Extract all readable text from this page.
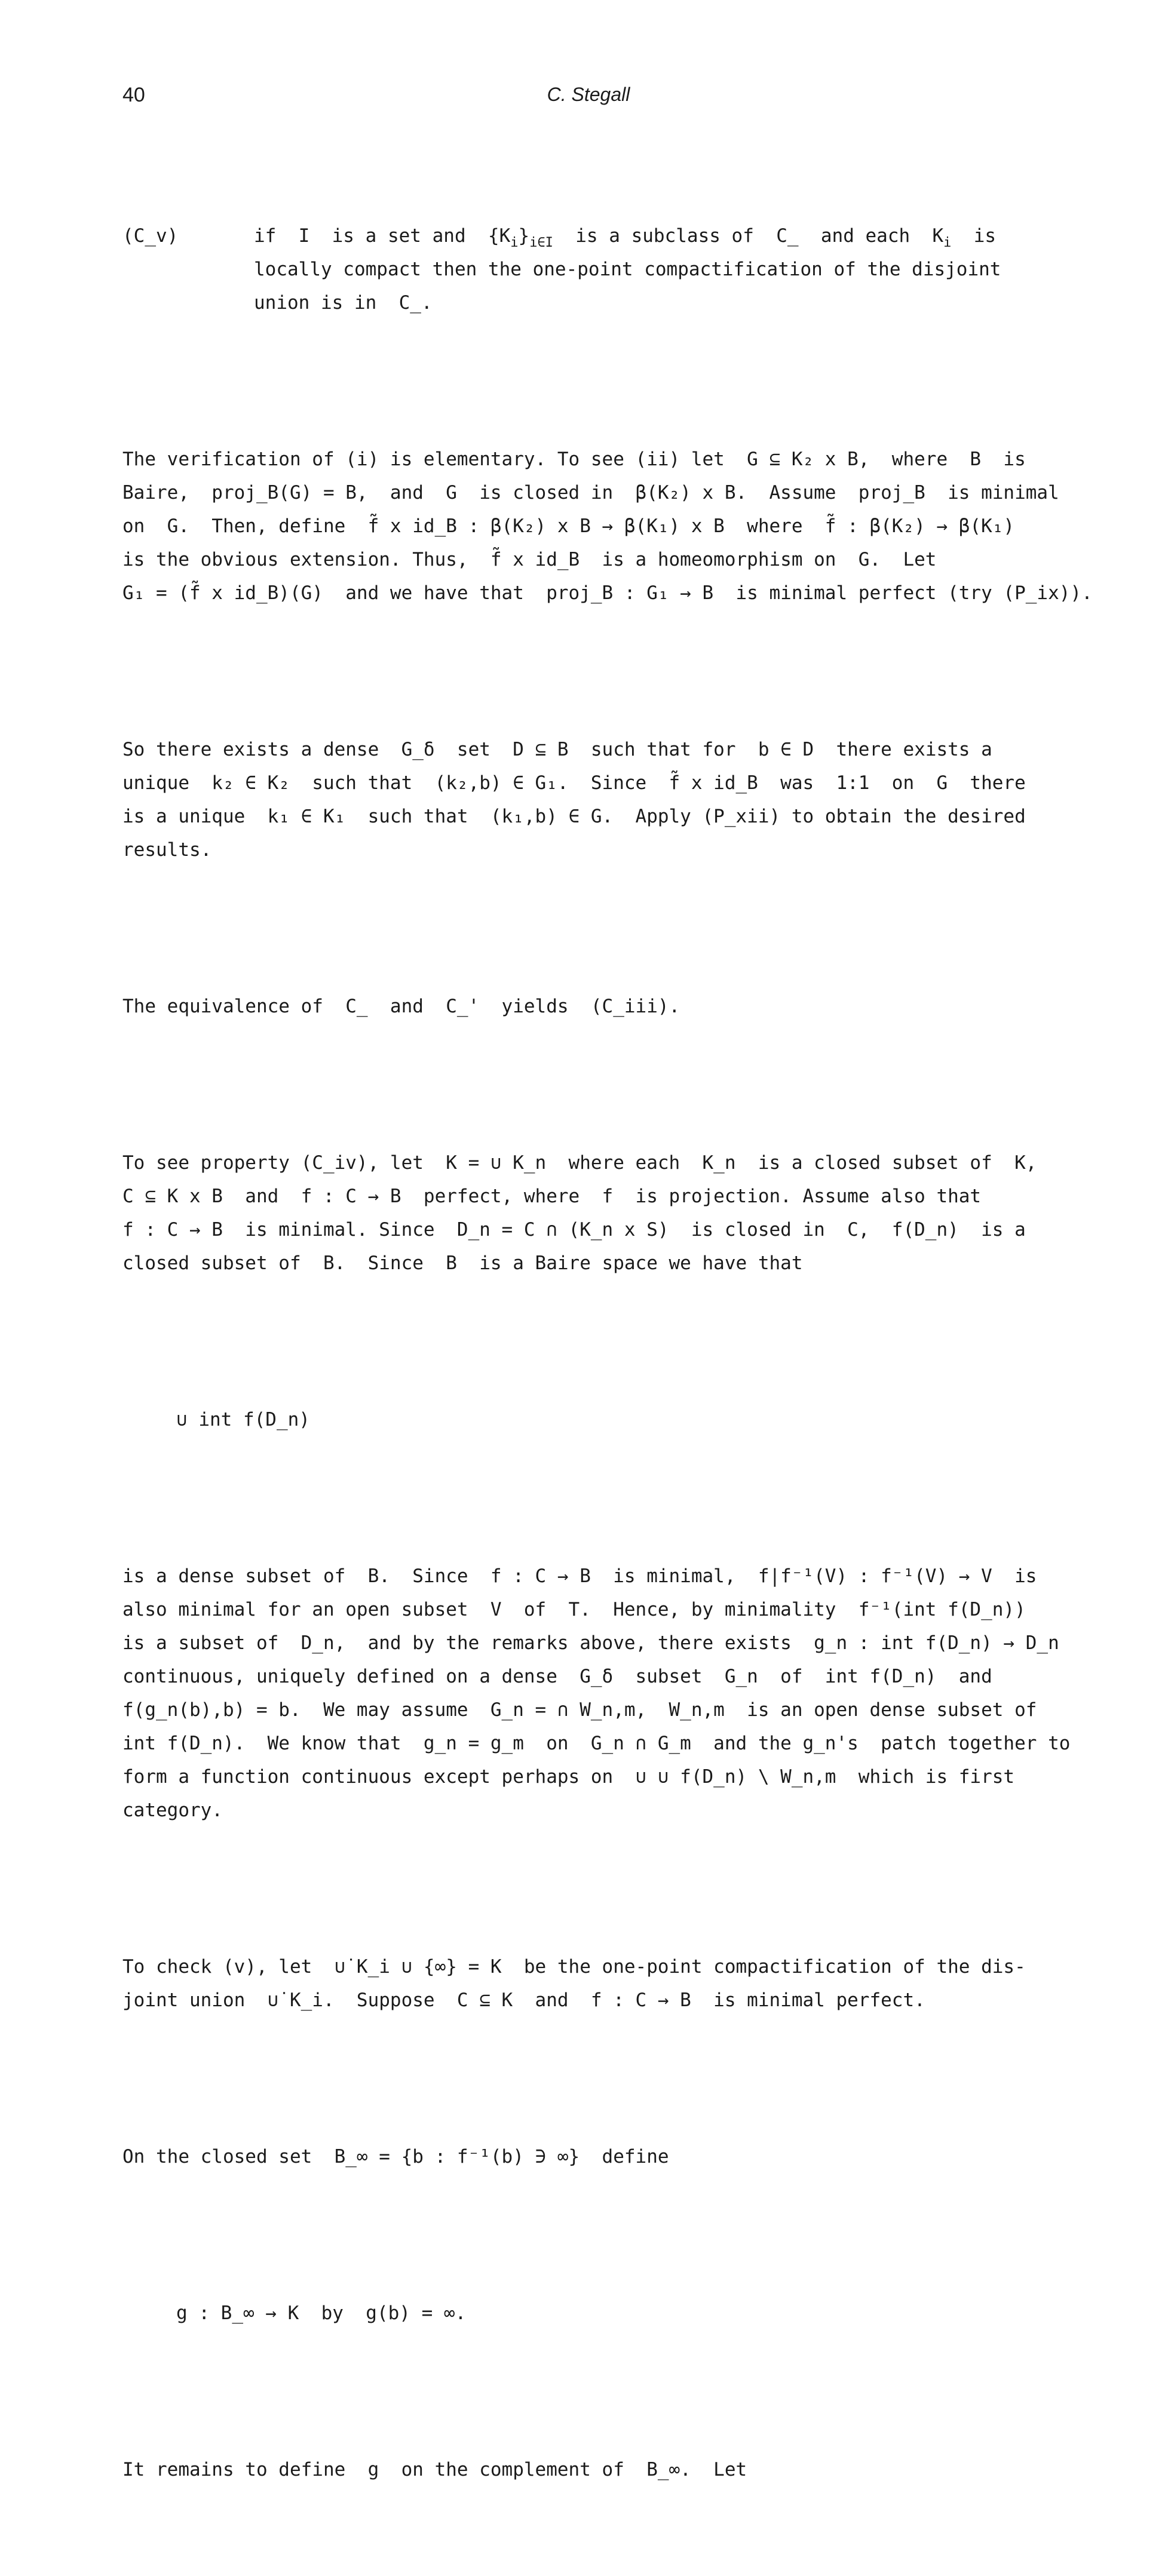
40	C. Stegall

(C̲v)	if  I  is a set and  $\{K_i\}_{i\in I}$  is a subclass of  C̲  and each  $K_i$  is
locally compact then the one-point compactification of the disjoint
union is in  C̲.

The verification of (i) is elementary. To see (ii) let  G ⊆ K₂ x B,  where  B  is
Baire,  proj_B(G) = B,  and  G  is closed in  β(K₂) x B.  Assume  proj_B  is minimal
on  G.  Then, define  f̃ x id_B : β(K₂) x B → β(K₁) x B  where  f̃ : β(K₂) → β(K₁)
is the obvious extension. Thus,  f̃ x id_B  is a homeomorphism on  G.  Let
G₁ = (f̃ x id_B)(G)  and we have that  proj_B : G₁ → B  is minimal perfect (try (P̲ix)).

So there exists a dense  G_δ  set  D ⊆ B  such that for  b ∈ D  there exists a
unique  k₂ ∈ K₂  such that  (k₂,b) ∈ G₁.  Since  f̃ x id_B  was  1:1  on  G  there
is a unique  k₁ ∈ K₁  such that  (k₁,b) ∈ G.  Apply (P̲xii) to obtain the desired
results.

The equivalence of  C̲  and  C̲'  yields  (C̲iii).

To see property (C̲iv), let  K = ∪ K_n  where each  K_n  is a closed subset of  K,
C ⊆ K x B  and  f : C → B  perfect, where  f  is projection. Assume also that
f : C → B  is minimal. Since  D_n = C ∩ (K_n x S)  is closed in  C,  f(D_n)  is a
closed subset of  B.  Since  B  is a Baire space we have that

∪ int f(D_n)

is a dense subset of  B.  Since  f : C → B  is minimal,  f|f⁻¹(V) : f⁻¹(V) → V  is
also minimal for an open subset  V  of  T.  Hence, by minimality  f⁻¹(int f(D_n))
is a subset of  D_n,  and by the remarks above, there exists  g_n : int f(D_n) → D_n
continuous, uniquely defined on a dense  G_δ  subset  G_n  of  int f(D_n)  and
f(g_n(b),b) = b.  We may assume  G_n = ∩ W_n,m,  W_n,m  is an open dense subset of
int f(D_n).  We know that  g_n = g_m  on  G_n ∩ G_m  and the g_n's  patch together to
form a function continuous except perhaps on  ∪ ∪ f(D_n) \ W_n,m  which is first
category.

To check (v), let  ∪̇ K_i ∪ {∞} = K  be the one-point compactification of the dis-
joint union  ∪̇ K_i.  Suppose  C ⊆ K  and  f : C → B  is minimal perfect.

On the closed set  B_∞ = {b : f⁻¹(b) ∋ ∞}  define

g : B_∞ → K  by  g(b) = ∞.

It remains to define  g  on the complement of  B_∞.  Let
